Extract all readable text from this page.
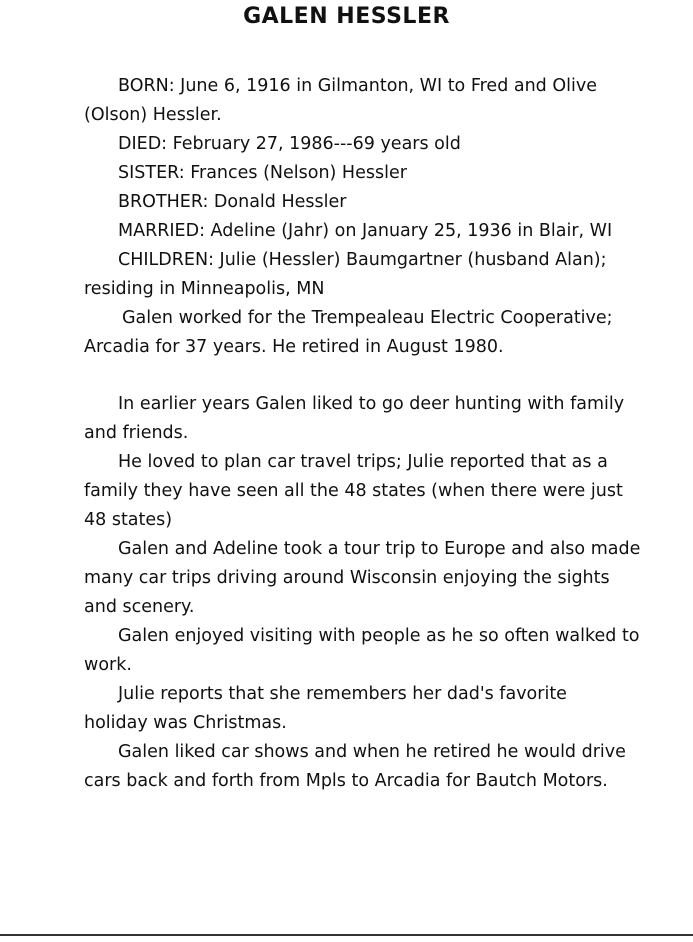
GALEN HESSLER
BORN: June 6, 1916 in Gilmanton, WI to Fred and Olive
(Olson) Hessler.
DIED: February 27, 1986---69 years old
SISTER: Frances (Nelson) Hessler
BROTHER: Donald Hessler
MARRIED: Adeline (Jahr) on January 25, 1936 in Blair, WI
CHILDREN: Julie (Hessler) Baumgartner (husband Alan);
residing in Minneapolis, MN
Galen worked for the Trempealeau Electric Cooperative;
Arcadia for 37 years. He retired in August 1980.
In earlier years Galen liked to go deer hunting with family
and friends.
He loved to plan car travel trips; Julie reported that as a
family they have seen all the 48 states (when there were just
48 states)
Galen and Adeline took a tour trip to Europe and also made
many car trips driving around Wisconsin enjoying the sights
and scenery.
Galen enjoyed visiting with people as he so often walked to
work.
Julie reports that she remembers her dad's favorite
holiday was Christmas.
Galen liked car shows and when he retired he would drive
cars back and forth from Mpls to Arcadia for Bautch Motors.
